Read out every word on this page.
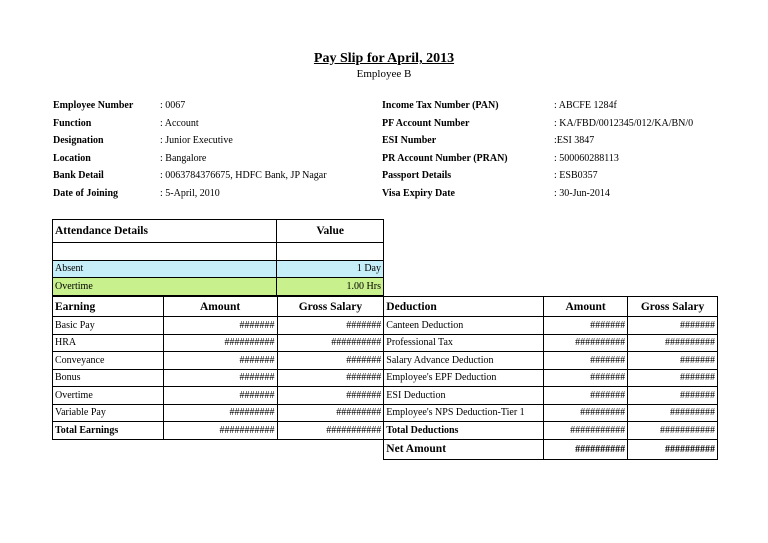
Pay Slip for April, 2013
Employee B
Employee Number	: 0067
Function	: Account
Designation	: Junior Executive
Location	: Bangalore
Bank Detail	: 0063784376675, HDFC Bank, JP Nagar
Date of Joining	: 5-April, 2010
Income Tax Number (PAN)	: ABCFE 1284f
PF Account Number	: KA/FBD/0012345/012/KA/BN/0
ESI Number	:ESI 3847
PR Account Number (PRAN)	: 500060288113
Passport Details	: ESB0357
Visa Expiry Date	: 30-Jun-2014
Attendance Details	Value

Absent	1 Day
Overtime	1.00 Hrs
Earning	Amount	Gross Salary	Deduction	Amount	Gross Salary
Basic Pay	#######	#######	Canteen Deduction	#######	#######
HRA	##########	##########	Professional Tax	##########	##########
Conveyance	#######	#######	Salary Advance Deduction	#######	#######
Bonus	#######	#######	Employee's EPF Deduction	#######	#######
Overtime	#######	#######	ESI Deduction	#######	#######
Variable Pay	#########	#########	Employee's NPS Deduction-Tier 1	#########	#########
Total Earnings	###########	###########	Total Deductions	###########	###########
			Net Amount	##########	##########
